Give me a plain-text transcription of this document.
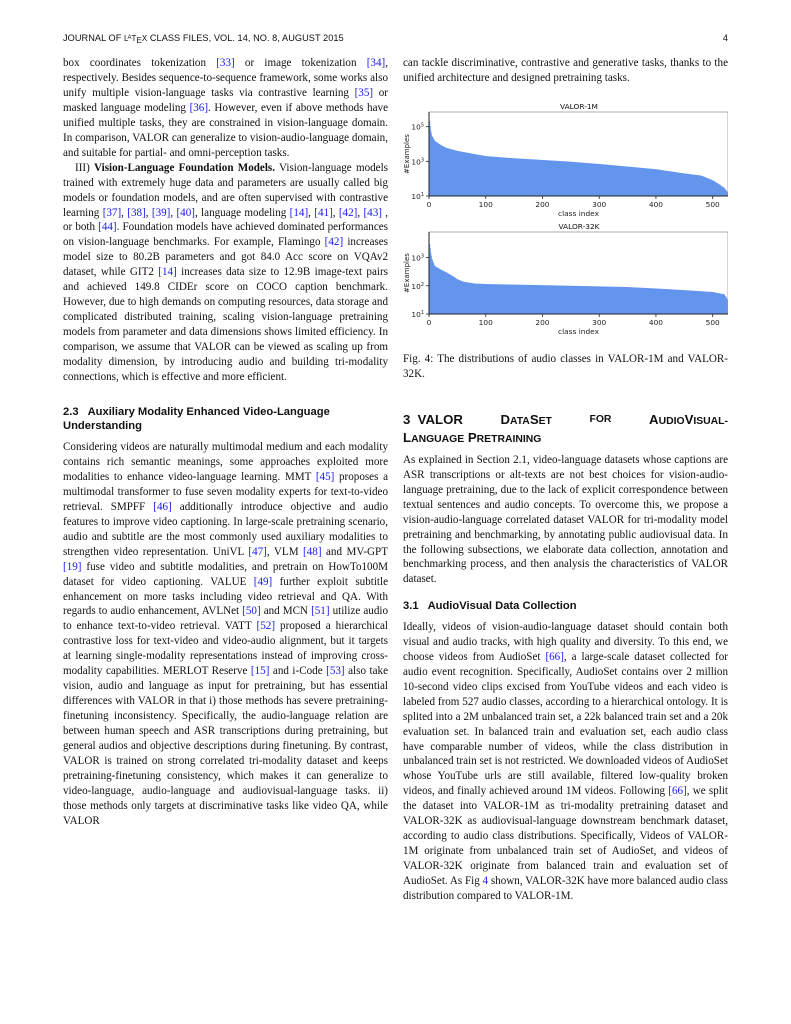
JOURNAL OF $L^AT_EX$ CLASS FILES, VOL. 14, NO. 8, AUGUST 2015	4

box coordinates tokenization [33] or image tokenization [34], respectively. Besides sequence-to-sequence framework, some works also unify multiple vision-language tasks via contrastive learning [35] or masked language modeling [36]. However, even if above methods have unified multiple tasks, they are constrained in vision-language domain. In comparison, VALOR can generalize to vision-audio-language domain, and suitable for partial- and omni-perception tasks.

III) Vision-Language Foundation Models. Vision-language models trained with extremely huge data and parameters are usually called big models or foundation models, and are often supervised with contrastive learning [37], [38], [39], [40], language modeling [14], [41], [42], [43] , or both [44]. Foundation models have achieved dominated performances on vision-language benchmarks. For example, Flamingo [42] increases model size to 80.2B parameters and got 84.0 Acc score on VQAv2 dataset, while GIT2 [14] increases data size to 12.9B image-text pairs and achieved 149.8 CIDEr score on COCO caption benchmark. However, due to high demands on computing resources, data storage and complicated distributed training, scaling vision-language pretraining models from parameter and data dimensions shows limited efficiency. In comparison, we assume that VALOR can be viewed as scaling up from modality dimension, by introducing audio and building tri-modality connections, which is effective and more efficient.

2.3 Auxiliary Modality Enhanced Video-Language Understanding

Considering videos are naturally multimodal medium and each modality contains rich semantic meanings, some approaches exploited more modalities to enhance video-language learning. MMT [45] proposes a multimodal transformer to fuse seven modality experts for text-to-video retrieval. SMPFF [46] additionally introduce objective and audio features to improve video captioning. In large-scale pretraining scenario, audio and subtitle are the most commonly used auxiliary modalities to strengthen video representation. UniVL [47], VLM [48] and MV-GPT [19] fuse video and subtitle modalities, and pretrain on HowTo100M dataset for video captioning. VALUE [49] further exploit subtitle enhancement on more tasks including video retrieval and QA. With regards to audio enhancement, AVLNet [50] and MCN [51] utilize audio to enhance text-to-video retrieval. VATT [52] proposed a hierarchical contrastive loss for text-video and video-audio alignment, but it targets at learning single-modality representations instead of improving cross-modality capabilities. MERLOT Reserve [15] and i-Code [53] also take vision, audio and language as input for pretraining, but has essential differences with VALOR in that i) those methods has severe pretraining-finetuning inconsistency. Specifically, the audio-language relation are between human speech and ASR transcriptions during pretraining, but general audios and objective descriptions during finetuning. By contrast, VALOR is trained on strong correlated tri-modality dataset and keeps pretraining-finetuning consistency, which makes it can generalize to video-language, audio-language and audiovisual-language tasks. ii) those methods only targets at discriminative tasks like video QA, while VALOR

can tackle discriminative, contrastive and generative tasks, thanks to the unified architecture and designed pretraining tasks.

VALOR-1M
0	100	200	300	400	500
$10^1$
$10^3$
$10^5$
class index
#Examples
VALOR-32K
0	100	200	300	400	500
$10^1$
$10^2$
$10^3$
class index
#Examples

Fig. 4: The distributions of audio classes in VALOR-1M and VALOR-32K.

3 VALOR	DATASET	FOR	AUDIOVISUAL-
LANGUAGE PRETRAINING

As explained in Section 2.1, video-language datasets whose captions are ASR transcriptions or alt-texts are not best choices for vision-audio-language pretraining, due to the lack of explicit correspondence between textual sentences and audio concepts. To overcome this, we propose a vision-audio-language correlated dataset VALOR for tri-modality model pretraining and benchmarking, by annotating public audiovisual data. In the following subsections, we elaborate data collection, annotation and benchmarking process, and then analysis the characteristics of VALOR dataset.

3.1 AudioVisual Data Collection

Ideally, videos of vision-audio-language dataset should contain both visual and audio tracks, with high quality and diversity. To this end, we choose videos from AudioSet [66], a large-scale dataset collected for audio event recognition. Specifically, AudioSet contains over 2 million 10-second video clips excised from YouTube videos and each video is labeled from 527 audio classes, according to a hierarchical ontology. It is splited into a 2M unbalanced train set, a 22k balanced train set and a 20k evaluation set. In balanced train and evaluation set, each audio class have comparable number of videos, while the class distribution in unbalanced train set is not restricted. We downloaded videos of AudioSet whose YouTube urls are still available, filtered low-quality broken videos, and finally achieved around 1M videos. Following [66], we split the dataset into VALOR-1M as tri-modality pretraining dataset and VALOR-32K as audiovisual-language downstream benchmark dataset, according to audio class distributions. Specifically, Videos of VALOR-1M originate from unbalanced train set of AudioSet, and videos of VALOR-32K originate from balanced train and evaluation set of AudioSet. As Fig 4 shown, VALOR-32K have more balanced audio class distribution compared to VALOR-1M.
